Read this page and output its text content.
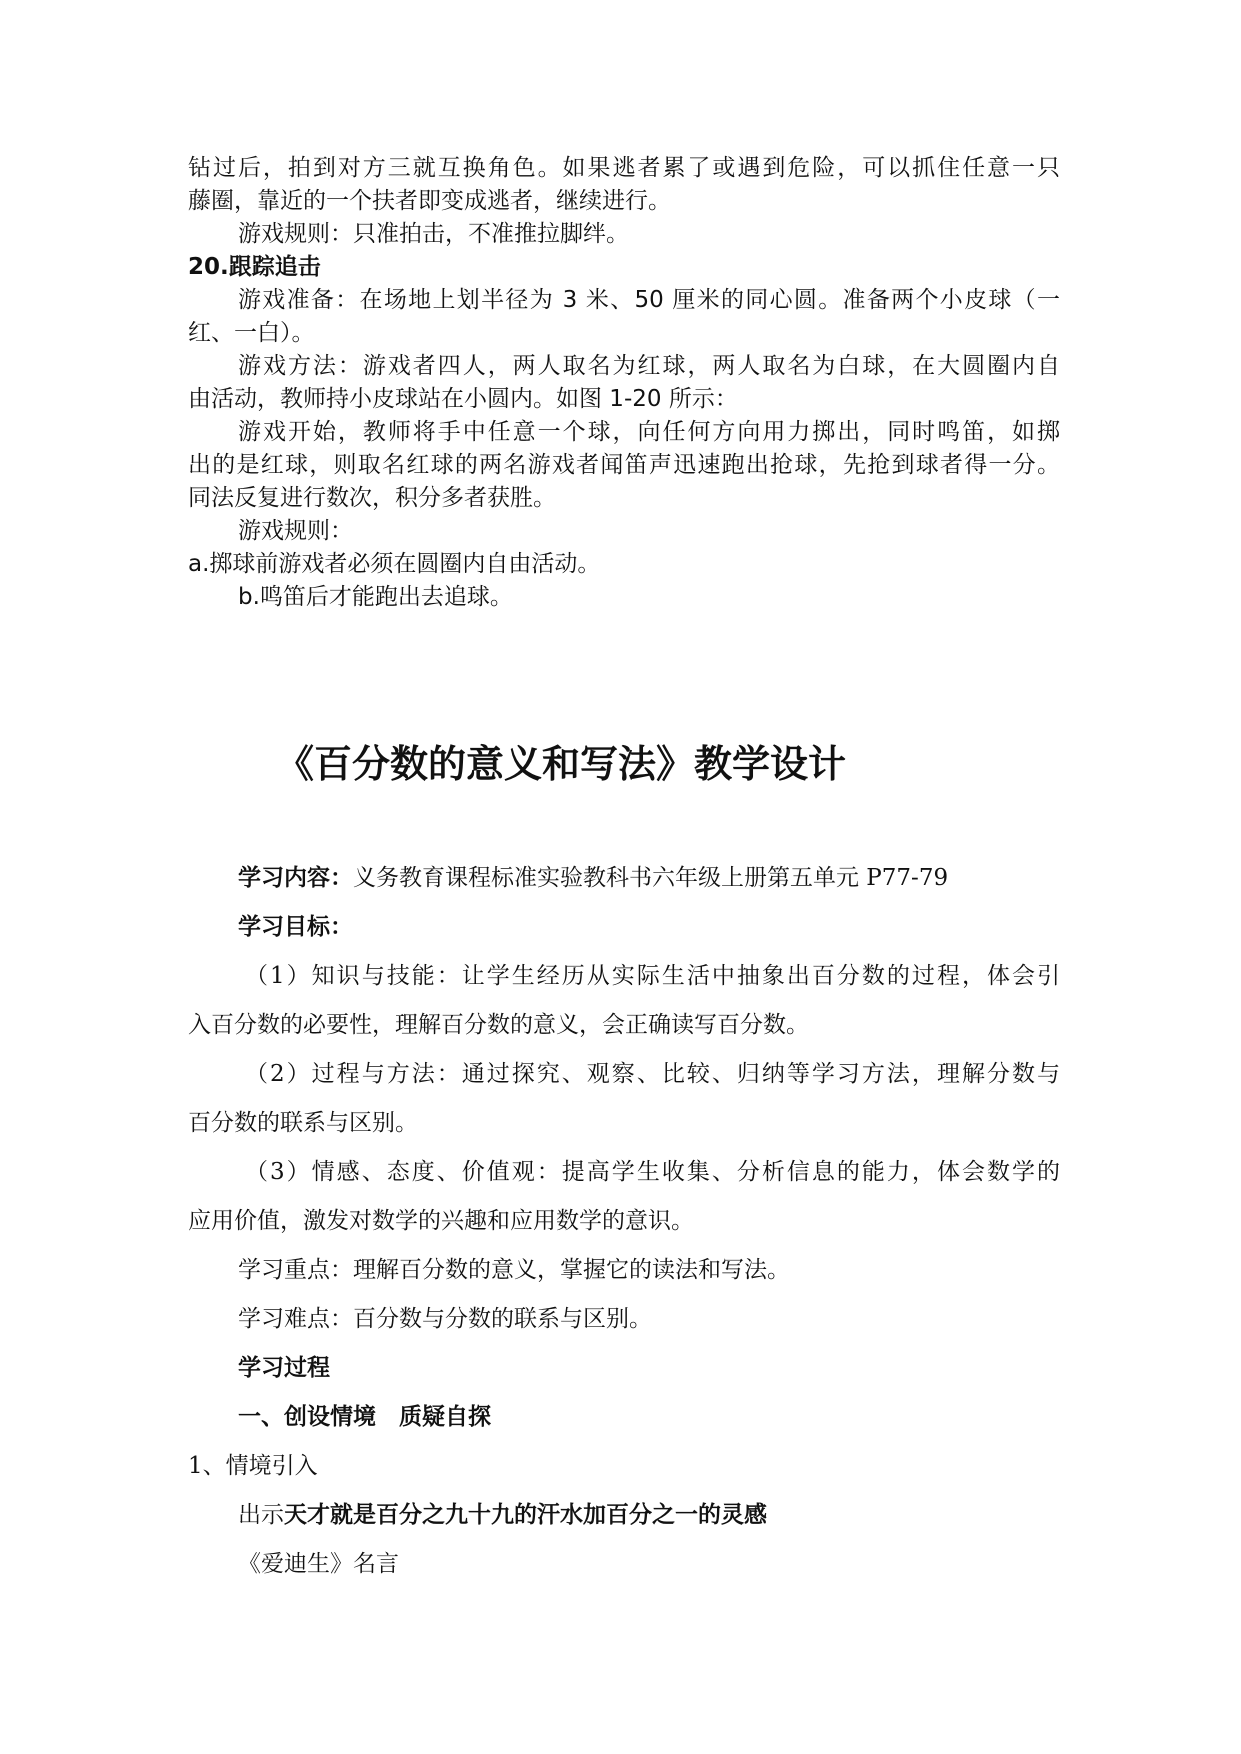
钻过后，拍到对方三就互换角色。如果逃者累了或遇到危险，可以抓住任意一只
藤圈，靠近的一个扶者即变成逃者，继续进行。
游戏规则：只准拍击，不准推拉脚绊。
20.跟踪追击
游戏准备：在场地上划半径为 3 米、50 厘米的同心圆。准备两个小皮球（一
红、一白）。
游戏方法：游戏者四人，两人取名为红球，两人取名为白球，在大圆圈内自
由活动，教师持小皮球站在小圆内。如图 1-20 所示：
游戏开始，教师将手中任意一个球，向任何方向用力掷出，同时鸣笛，如掷
出的是红球，则取名红球的两名游戏者闻笛声迅速跑出抢球，先抢到球者得一分。
同法反复进行数次，积分多者获胜。
游戏规则：
a.掷球前游戏者必须在圆圈内自由活动。
b.鸣笛后才能跑出去追球。
《百分数的意义和写法》教学设计
学习内容：义务教育课程标准实验教科书六年级上册第五单元 P77-79
学习目标：
（1）知识与技能：让学生经历从实际生活中抽象出百分数的过程，体会引
入百分数的必要性，理解百分数的意义，会正确读写百分数。
（2）过程与方法：通过探究、观察、比较、归纳等学习方法，理解分数与
百分数的联系与区别。
（3）情感、态度、价值观：提高学生收集、分析信息的能力，体会数学的
应用价值，激发对数学的兴趣和应用数学的意识。
学习重点：理解百分数的意义，掌握它的读法和写法。
学习难点：百分数与分数的联系与区别。
学习过程
一、创设情境　质疑自探
1、情境引入
出示天才就是百分之九十九的汗水加百分之一的灵感
《爱迪生》名言
